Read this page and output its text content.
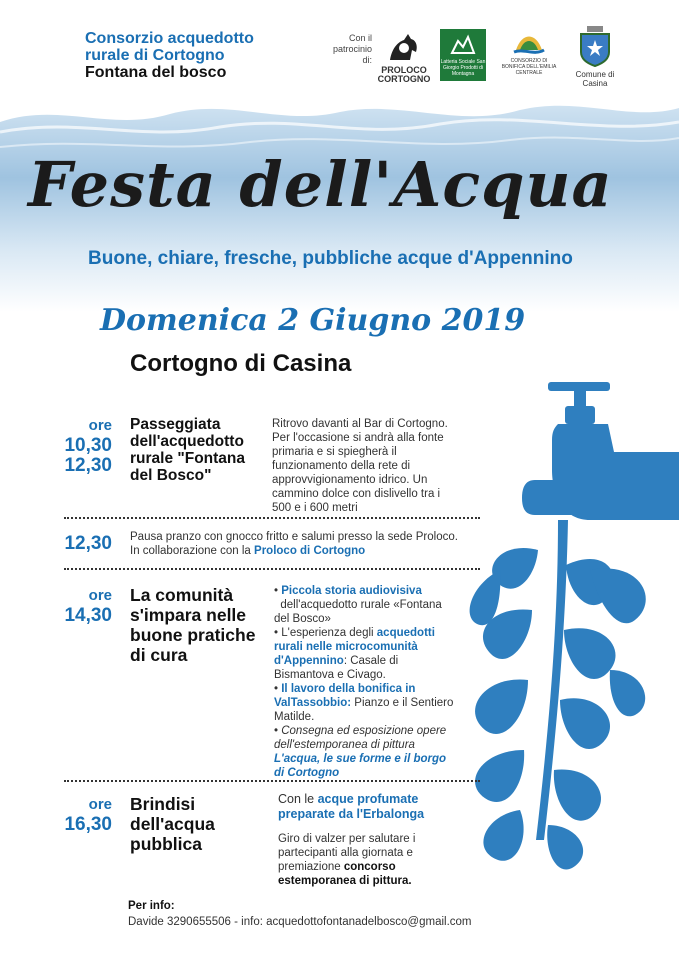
Consorzio acquedotto
rurale di Cortogno
Fontana del bosco
Con il patrocinio di:
PROLOCO CORTOGNO
Latteria Sociale San Giorgio Prodotti di Montagna
CONSORZIO DI BONIFICA DELL'EMILIA CENTRALE	Comune di Casina
Festa dell'Acqua
Buone, chiare, fresche, pubbliche acque d'Appennino
Domenica 2 Giugno 2019
Cortogno di Casina
ore
10,30
12,30
Passeggiata dell'acquedotto rurale "Fontana del Bosco"
Ritrovo davanti al Bar di Cortogno. Per l'occasione si andrà alla fonte primaria e si spiegherà il funzionamento della rete di approvvigionamento idrico. Un cammino dolce con dislivello tra i 500 e i 600 metri
12,30 Pausa pranzo con gnocco fritto e salumi presso la sede Proloco.
In collaborazione con la Proloco di Cortogno
ore
14,30
La comunità s'impara nelle buone pratiche di cura
• Piccola storia audiovisiva
dell'acquedotto rurale «Fontana del Bosco»
• L'esperienza degli acquedotti rurali nelle microcomunità d'Appennino: Casale di Bismantova e Civago.
• Il lavoro della bonifica in ValTassobbio: Pianzo e il Sentiero Matilde.
• Consegna ed esposizione opere dell'estemporanea di pittura
L'acqua, le sue forme e il borgo di Cortogno
ore
16,30
Brindisi dell'acqua pubblica
Con le acque profumate preparate da l'Erbalonga
Giro di valzer per salutare i partecipanti alla giornata e premiazione concorso estemporanea di pittura.
Per info:
Davide 3290655506 - info: acquedottofontanadelbosco@gmail.com
